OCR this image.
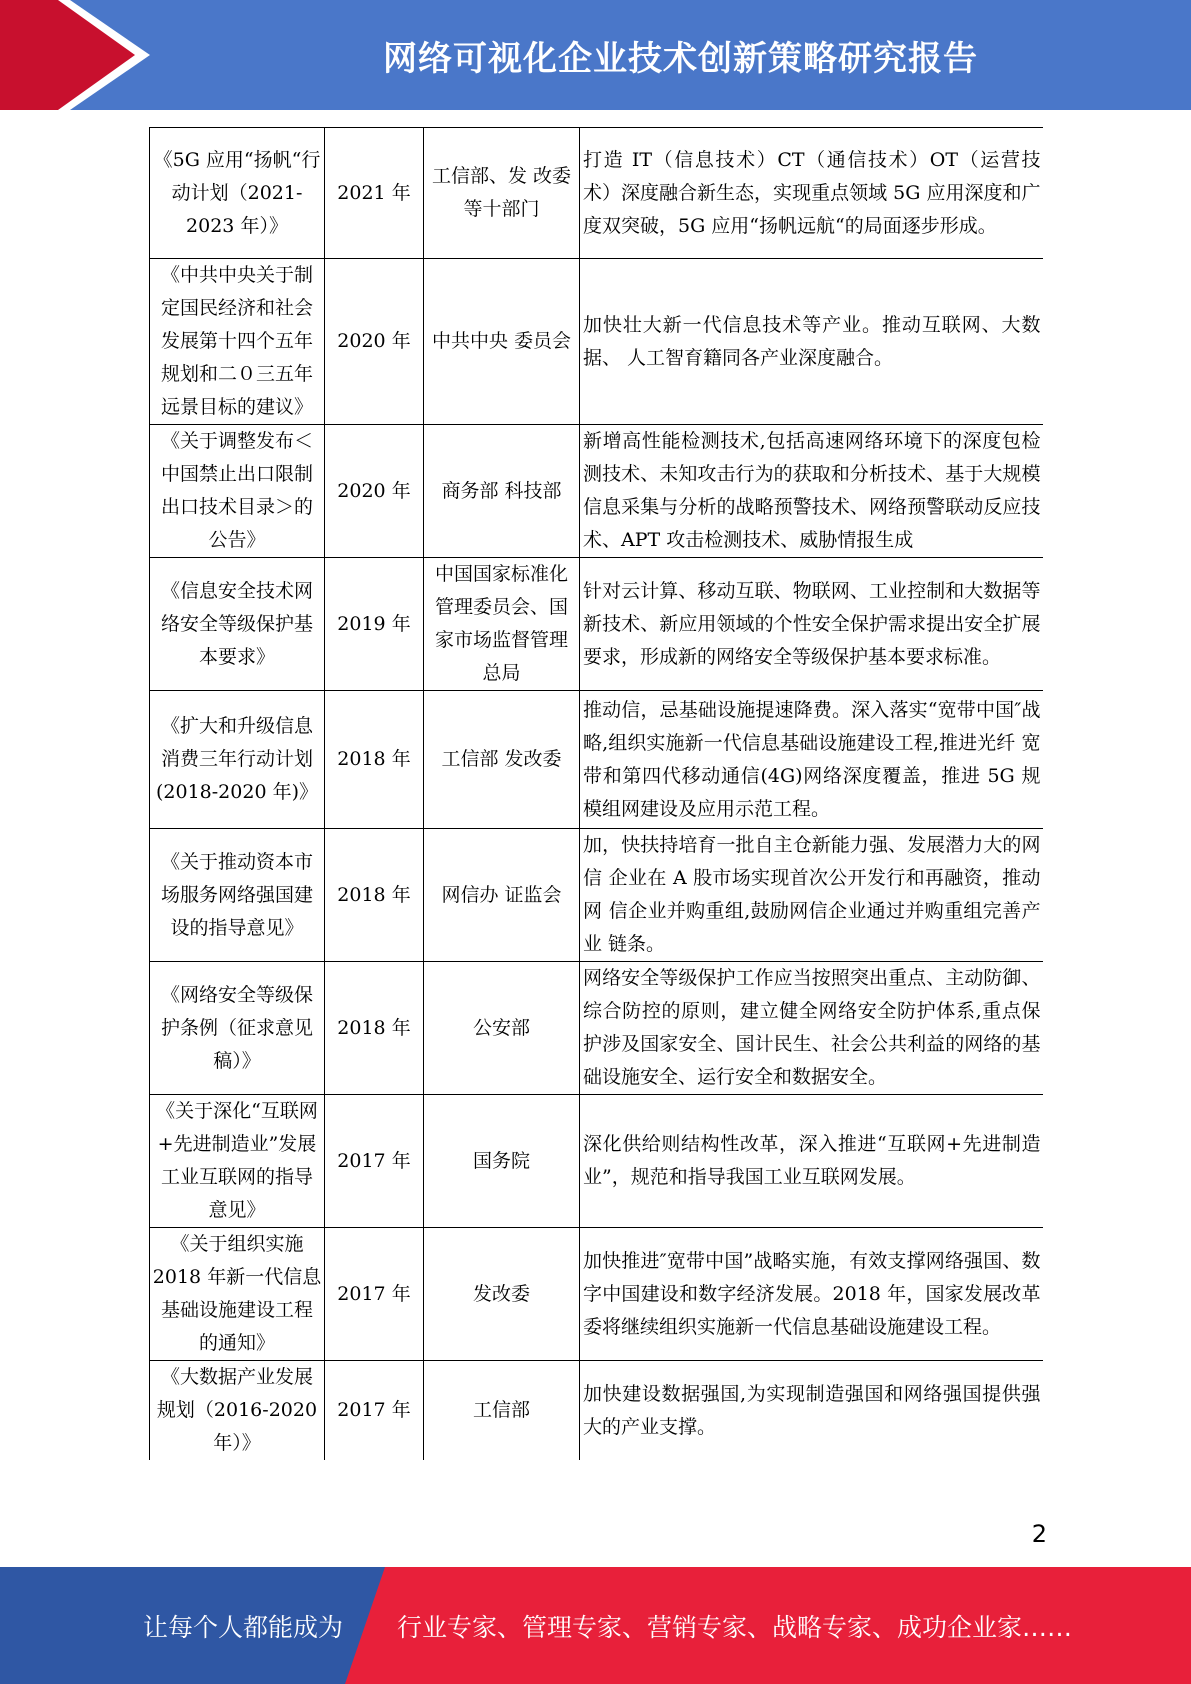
网络可视化企业技术创新策略研究报告
《5G 应用“扬帆“行动计划（2021-2023 年）》	2021 年	工信部、发 改委等十部门	打造 IT（信息技术）CT（通信技术）OT（运营技 术）深度融合新生态，实现重点领域 5G 应用深度和广 度双突破，5G 应用“扬帆远航“的局面逐步形成。
《中共中央关于制定国民经济和社会发展第十四个五年规划和二０三五年远景目标的建议》	2020 年	中共中央 委员会	加快壮大新一代信息技术等产业。推动互联网、大数据、 人工智育籍同各产业深度融合。
《关于调整发布＜中国禁止出口限制出口技术目录＞的公告》	2020 年	商务部 科技部	新增高性能检测技术,包括高速网络环境下的深度包检 测技术、未知攻击行为的获取和分析技术、基于大规模 信息采集与分析的战略预警技术、网络预警联动反应技 术、APT 攻击检测技术、威胁情报生成
《信息安全技术网络安全等级保护基本要求》	2019 年	中国国家标准化管理委员会、国家市场监督管理总局	针对云计算、移动互联、物联网、工业控制和大数据等 新技术、新应用领域的个性安全保护需求提出安全扩展 要求，形成新的网络安全等级保护基本要求标准。
《扩大和升级信息消费三年行动计划(2018-2020 年)》	2018 年	工信部 发改委	推动信，忌基础设施提速降费。深入落实“宽带中国″战 略,组织实施新一代信息基础设施建设工程,推进光纤 宽带和第四代移动通信(4G)网络深度覆盖，推进 5G 规模组网建设及应用示范工程。
《关于推动资本市场服务网络强国建设的指导意见》	2018 年	网信办 证监会	加，快扶持培育一批自主仓新能力强、发展潜力大的网信 企业在 A 股市场实现首次公开发行和再融资，推动网 信企业并购重组,鼓励网信企业通过并购重组完善产业 链条。
《网络安全等级保护条例（征求意见稿）》	2018 年	公安部	网络安全等级保护工作应当按照突出重点、主动防御、 综合防控的原则，建立健全网络安全防护体系,重点保 护涉及国家安全、国计民生、社会公共利益的网络的基 础设施安全、运行安全和数据安全。
《关于深化“互联网+先进制造业”发展工业互联网的指导意见》	2017 年	国务院	深化供给则结构性改革，深入推进“互联网+先进制造 业”，规范和指导我国工业互联网发展。
《关于组织实施 2018 年新一代信息基础设施建设工程的通知》	2017 年	发改委	加快推进″宽带中国”战略实施，有效支撑网络强国、数字中国建设和数字经济发展。2018 年，国家发展改革委将继续组织实施新一代信息基础设施建设工程。
《大数据产业发展规划（2016-2020 年）》	2017 年	工信部	加快建设数据强国,为实现制造强国和网络强国提供强 大的产业支撑。
2
让每个人都能成为 行业专家、管理专家、营销专家、战略专家、成功企业家……
